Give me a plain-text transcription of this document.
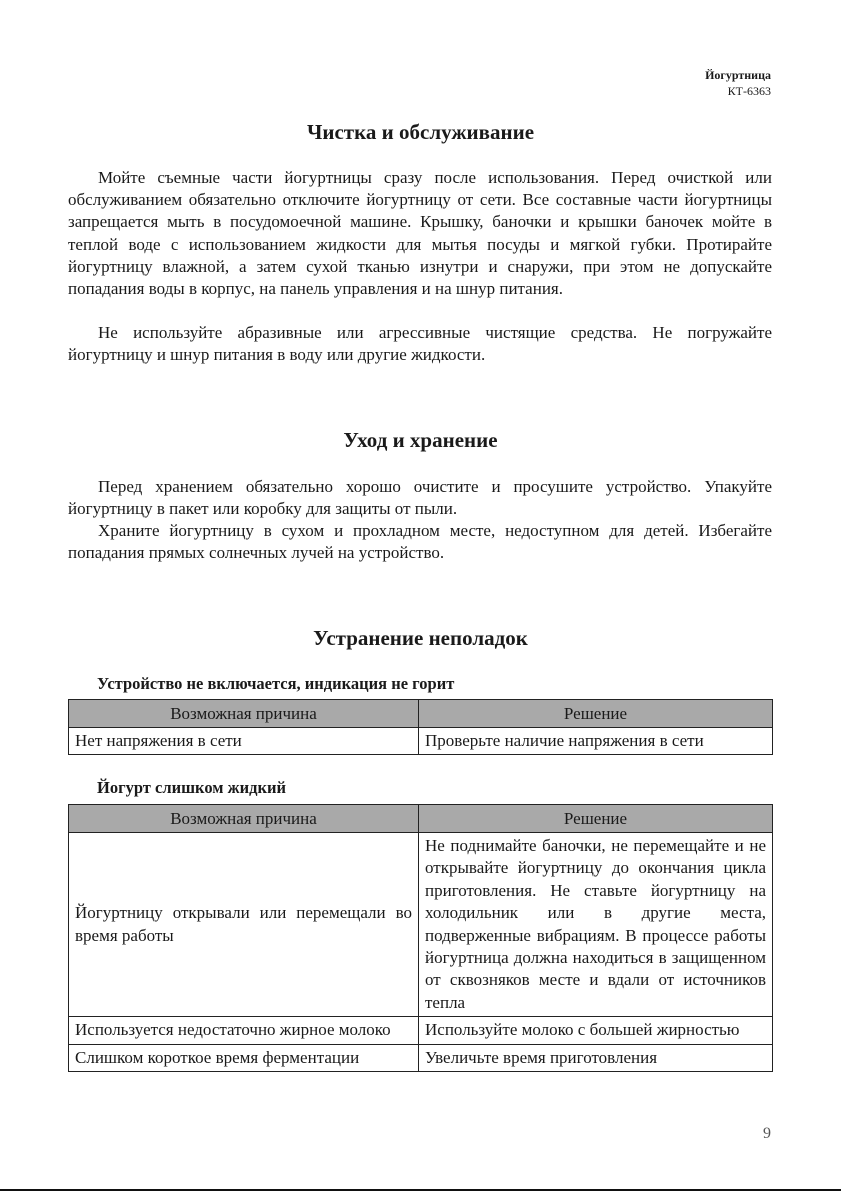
Йогуртница
КТ-6363
Чистка и обслуживание

Мойте съемные части йогуртницы сразу после использования. Перед очисткой или обслуживанием обязательно отключите йогуртницу от сети. Все составные части йогуртницы запрещается мыть в посудомоечной машине. Крышку, баночки и крышки баночек мойте в теплой воде с использованием жидкости для мытья посуды и мягкой губки. Протирайте йогуртницу влажной, а затем сухой тканью изнутри и снаружи, при этом не допускайте попадания воды в корпус, на панель управления и на шнур питания.

Не используйте абразивные или агрессивные чистящие средства. Не погружайте йогуртницу и шнур питания в воду или другие жидкости.

Уход и хранение

Перед хранением обязательно хорошо очистите и просушите устройство. Упакуйте йогуртницу в пакет или коробку для защиты от пыли.

Храните йогуртницу в сухом и прохладном месте, недоступном для детей. Избегайте попадания прямых солнечных лучей на устройство.

Устранение неполадок
Устройство не включается, индикация не горит
Возможная причина	Решение
Нет напряжения в сети	Проверьте наличие напряжения в сети
Йогурт слишком жидкий
Возможная причина	Решение
Йогуртницу открывали или перемещали во время работы	Не поднимайте баночки, не перемещайте и не открывайте йогуртницу до окончания цикла приготовления. Не ставьте йогуртницу на холодильник или в другие места, подверженные вибрациям. В процессе работы йогуртница должна находиться в защищенном от сквозняков месте и вдали от источников тепла
Используется недостаточно жирное молоко	Используйте молоко с большей жирностью
Слишком короткое время ферментации	Увеличьте время приготовления
9
